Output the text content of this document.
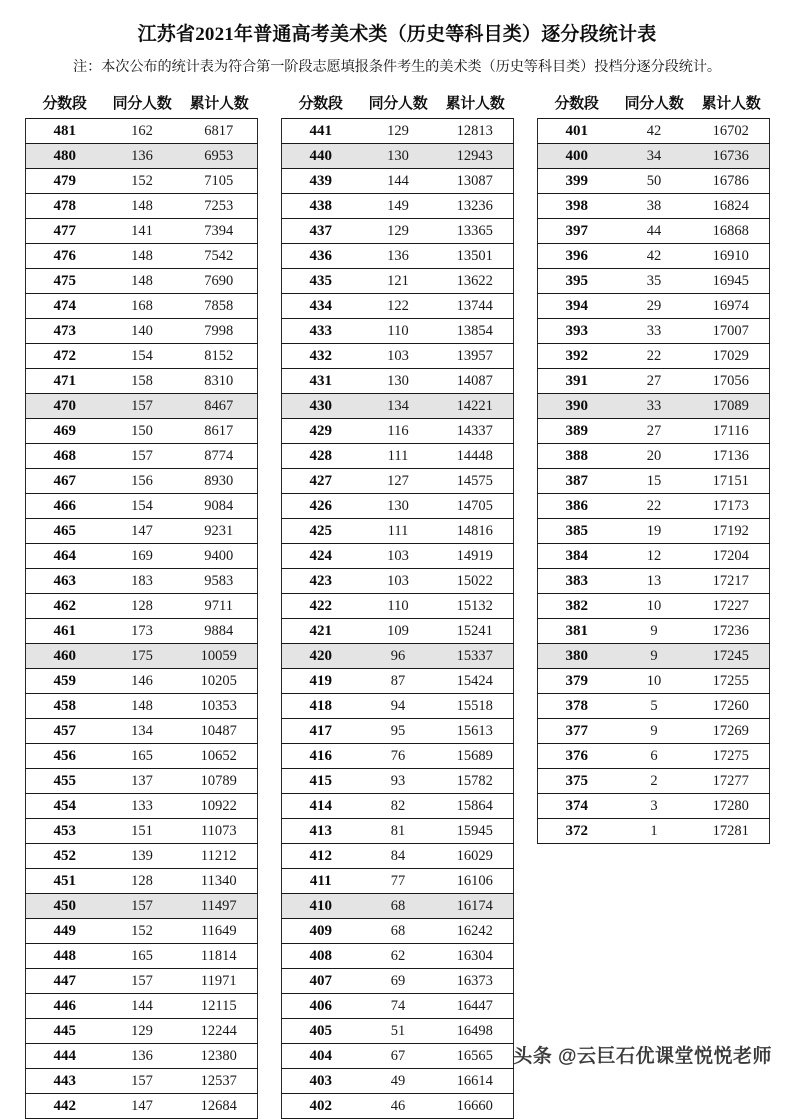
江苏省2021年普通高考美术类（历史等科目类）逐分段统计表
注：本次公布的统计表为符合第一阶段志愿填报条件考生的美术类（历史等科目类）投档分逐分段统计。
分数段	同分人数	累计人数
481	162	6817
480	136	6953
479	152	7105
478	148	7253
477	141	7394
476	148	7542
475	148	7690
474	168	7858
473	140	7998
472	154	8152
471	158	8310
470	157	8467
469	150	8617
468	157	8774
467	156	8930
466	154	9084
465	147	9231
464	169	9400
463	183	9583
462	128	9711
461	173	9884
460	175	10059
459	146	10205
458	148	10353
457	134	10487
456	165	10652
455	137	10789
454	133	10922
453	151	11073
452	139	11212
451	128	11340
450	157	11497
449	152	11649
448	165	11814
447	157	11971
446	144	12115
445	129	12244
444	136	12380
443	157	12537
442	147	12684
分数段	同分人数	累计人数
441	129	12813
440	130	12943
439	144	13087
438	149	13236
437	129	13365
436	136	13501
435	121	13622
434	122	13744
433	110	13854
432	103	13957
431	130	14087
430	134	14221
429	116	14337
428	111	14448
427	127	14575
426	130	14705
425	111	14816
424	103	14919
423	103	15022
422	110	15132
421	109	15241
420	96	15337
419	87	15424
418	94	15518
417	95	15613
416	76	15689
415	93	15782
414	82	15864
413	81	15945
412	84	16029
411	77	16106
410	68	16174
409	68	16242
408	62	16304
407	69	16373
406	74	16447
405	51	16498
404	67	16565
403	49	16614
402	46	16660
分数段	同分人数	累计人数
401	42	16702
400	34	16736
399	50	16786
398	38	16824
397	44	16868
396	42	16910
395	35	16945
394	29	16974
393	33	17007
392	22	17029
391	27	17056
390	33	17089
389	27	17116
388	20	17136
387	15	17151
386	22	17173
385	19	17192
384	12	17204
383	13	17217
382	10	17227
381	9	17236
380	9	17245
379	10	17255
378	5	17260
377	9	17269
376	6	17275
375	2	17277
374	3	17280
372	1	17281
头条 @云巨石优课堂悦悦老师
